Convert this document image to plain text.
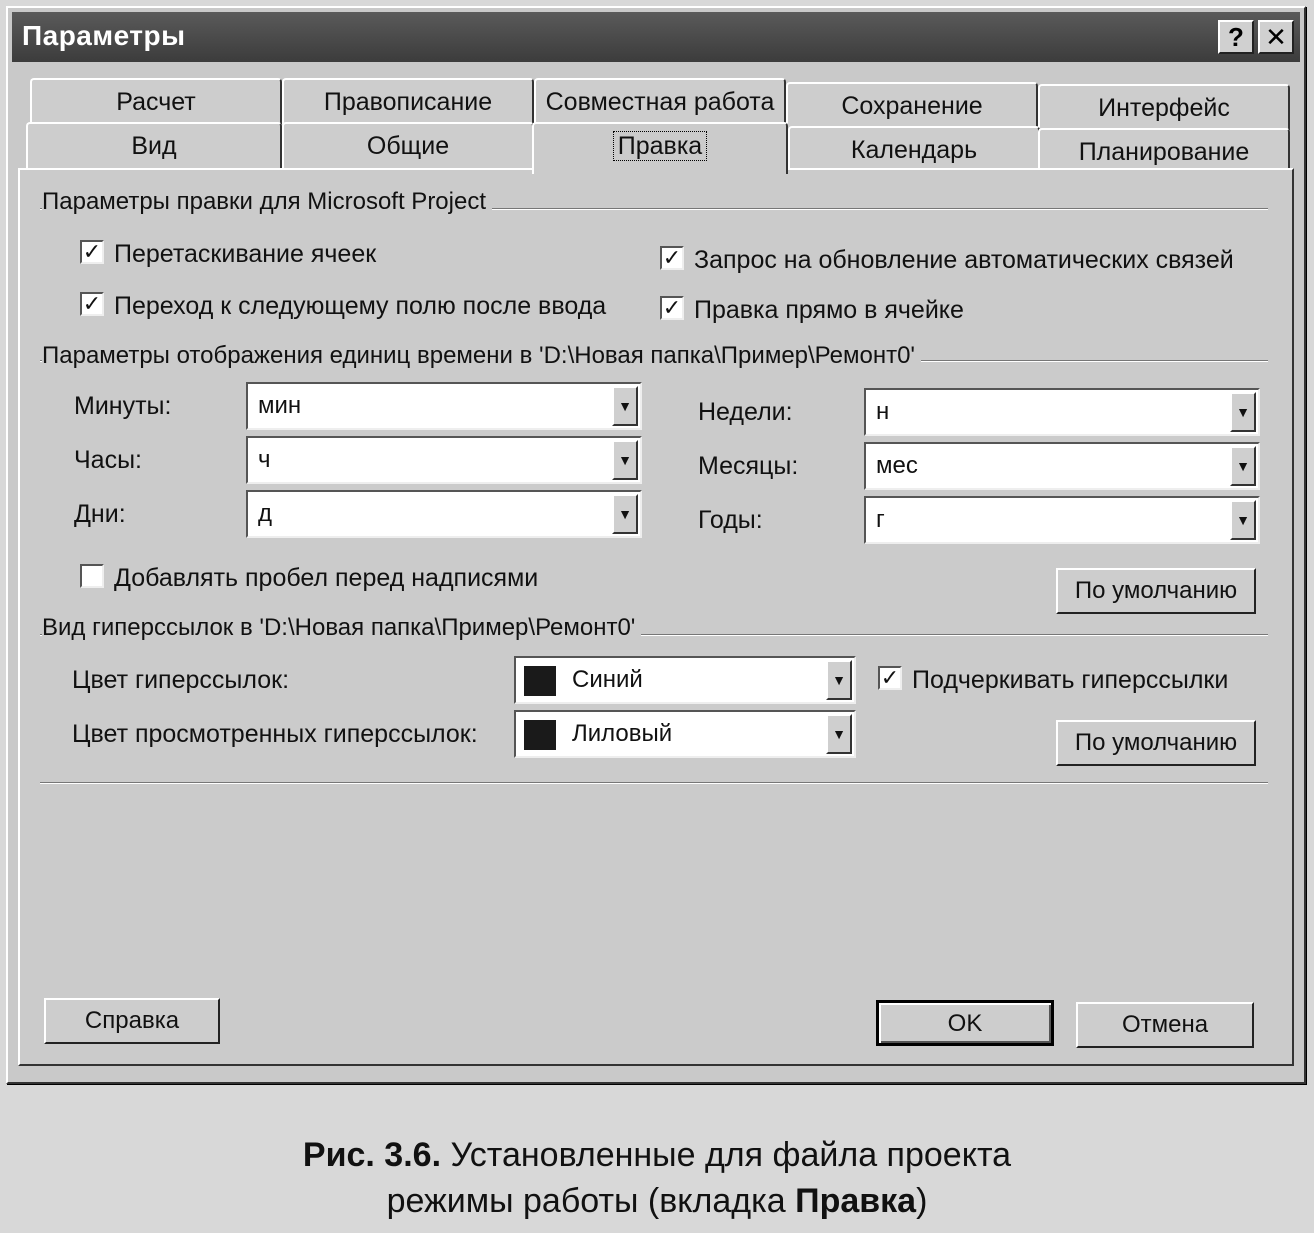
Параметры	? ✕
Расчет	Правописание	Совместная работа	Сохранение	Интерфейс
Вид	Общие	Правка	Календарь	Планирование
Параметры правки для Microsoft Project
✓ Перетаскивание ячеек
✓ Переход к следующему полю после ввода
✓ Запрос на обновление автоматических связей
✓ Правка прямо в ячейке
Параметры отображения единиц времени в 'D:\Новая папка\Пример\Ремонт0'
Минуты:	мин	▼
Часы:	ч	▼
Дни:	д	▼
Недели:	н	▼
Месяцы:	мес	▼
Годы:	г	▼
Добавлять пробел перед надписями	По умолчанию
Вид гиперссылок в 'D:\Новая папка\Пример\Ремонт0'
Цвет гиперссылок:	Синий	▼
Цвет просмотренных гиперссылок:	Лиловый	▼
✓ Подчеркивать гиперссылки
По умолчанию
Справка	OK	Отмена
Рис. 3.6. Установленные для файла проекта
режимы работы (вкладка Правка)
